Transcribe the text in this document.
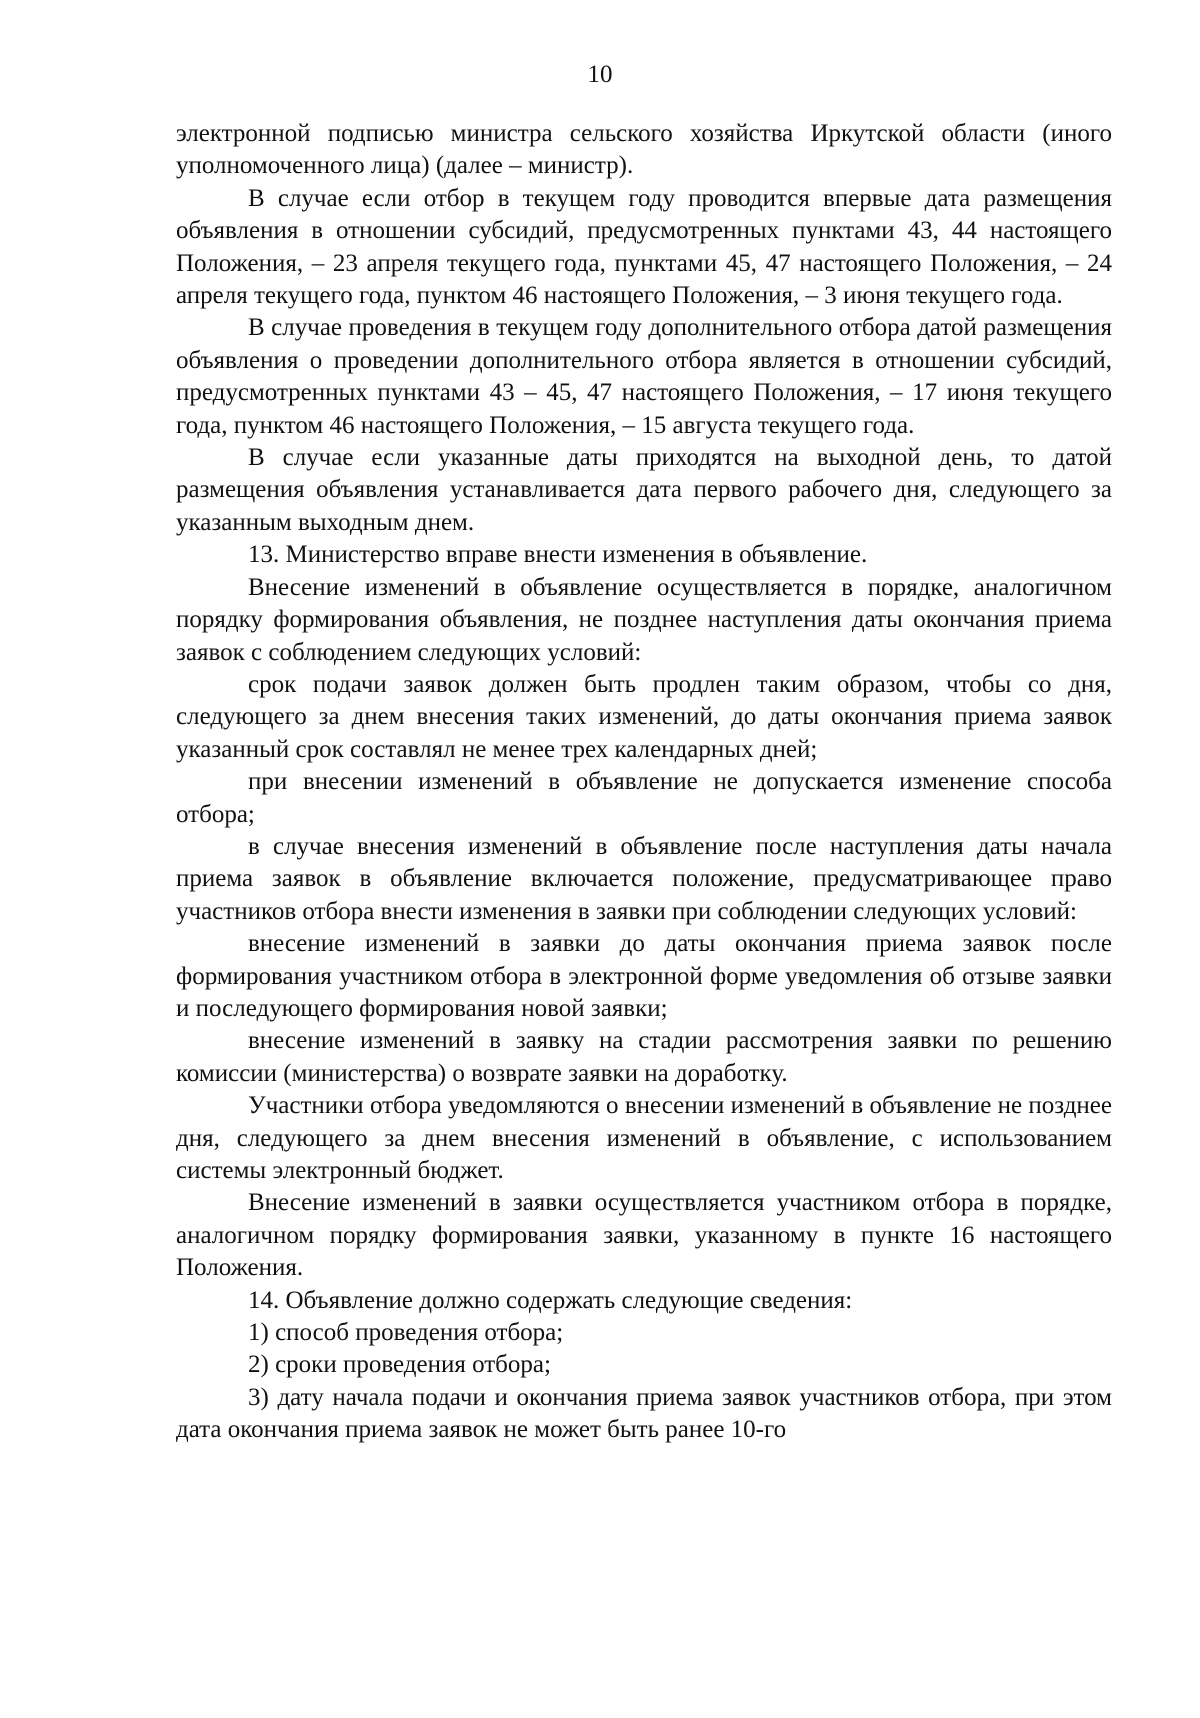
10

электронной подписью министра сельского хозяйства Иркутской области (иного уполномоченного лица) (далее – министр).

В случае если отбор в текущем году проводится впервые дата размещения объявления в отношении субсидий, предусмотренных пунктами 43, 44 настоящего Положения, – 23 апреля текущего года, пунктами 45, 47 настоящего Положения, – 24 апреля текущего года, пунктом 46 настоящего Положения, – 3 июня текущего года.

В случае проведения в текущем году дополнительного отбора датой размещения объявления о проведении дополнительного отбора является в отношении субсидий, предусмотренных пунктами 43 – 45, 47 настоящего Положения, – 17 июня текущего года, пунктом 46 настоящего Положения, – 15 августа текущего года.

В случае если указанные даты приходятся на выходной день, то датой размещения объявления устанавливается дата первого рабочего дня, следующего за указанным выходным днем.

13. Министерство вправе внести изменения в объявление.

Внесение изменений в объявление осуществляется в порядке, аналогичном порядку формирования объявления, не позднее наступления даты окончания приема заявок с соблюдением следующих условий:

срок подачи заявок должен быть продлен таким образом, чтобы со дня, следующего за днем внесения таких изменений, до даты окончания приема заявок указанный срок составлял не менее трех календарных дней;

при внесении изменений в объявление не допускается изменение способа отбора;

в случае внесения изменений в объявление после наступления даты начала приема заявок в объявление включается положение, предусматривающее право участников отбора внести изменения в заявки при соблюдении следующих условий:

внесение изменений в заявки до даты окончания приема заявок после формирования участником отбора в электронной форме уведомления об отзыве заявки и последующего формирования новой заявки;

внесение изменений в заявку на стадии рассмотрения заявки по решению комиссии (министерства) о возврате заявки на доработку.

Участники отбора уведомляются о внесении изменений в объявление не позднее дня, следующего за днем внесения изменений в объявление, с использованием системы электронный бюджет.

Внесение изменений в заявки осуществляется участником отбора в порядке, аналогичном порядку формирования заявки, указанному в пункте 16 настоящего Положения.

14. Объявление должно содержать следующие сведения:

1) способ проведения отбора;

2) сроки проведения отбора;

3) дату начала подачи и окончания приема заявок участников отбора, при этом дата окончания приема заявок не может быть ранее 10-го
